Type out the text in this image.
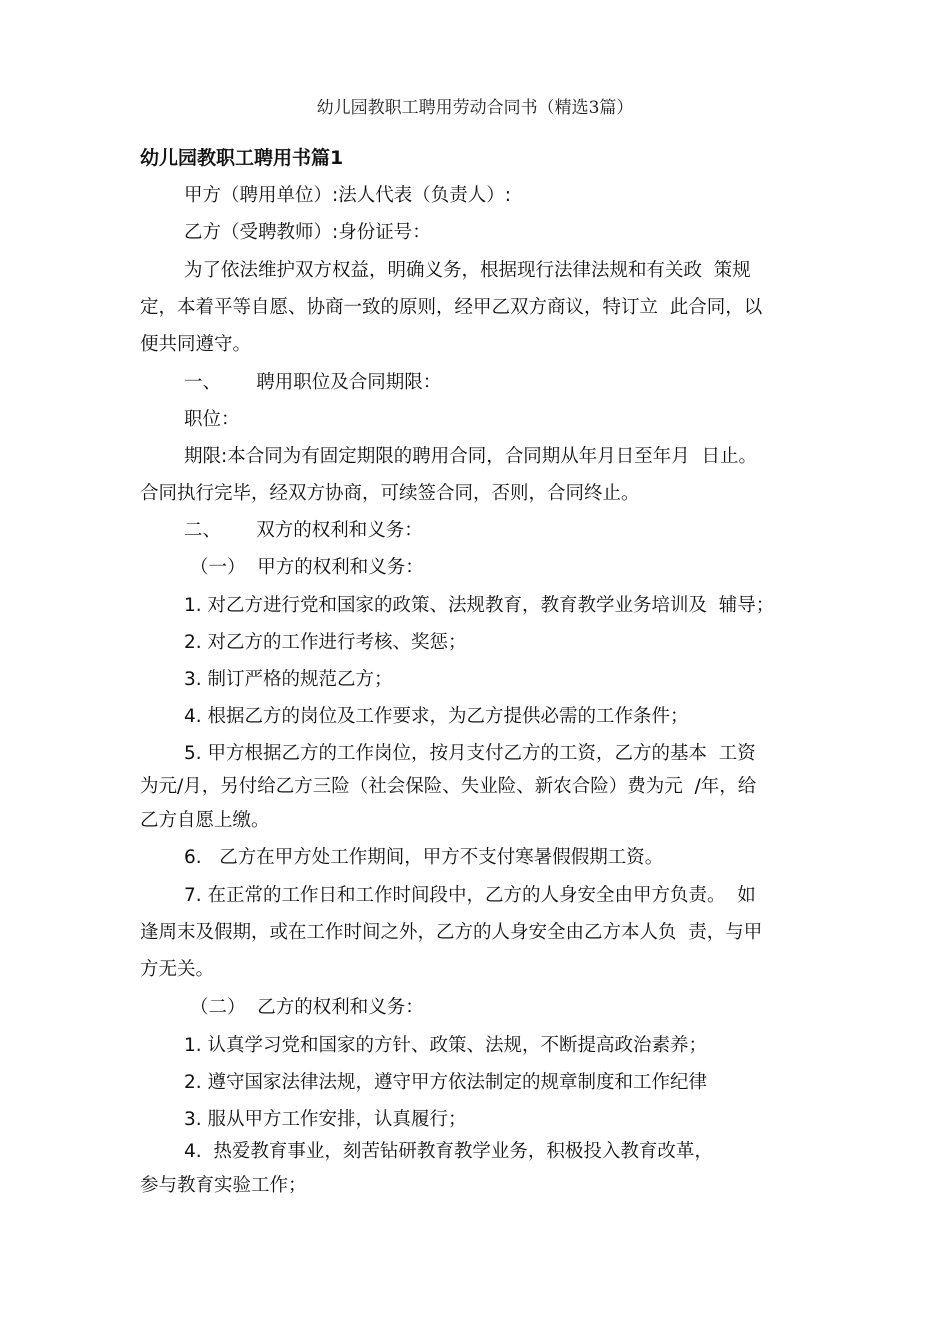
幼儿园教职工聘用劳动合同书（精选3篇）

幼儿园教职工聘用书篇1

甲方（聘用单位）:法人代表（负责人）:

乙方（受聘教师）:身份证号：

为了依法维护双方权益，明确义务，根据现行法律法规和有关政  策规

定，本着平等自愿、协商一致的原则，经甲乙双方商议，特订立  此合同，以

便共同遵守。

一、      聘用职位及合同期限：

职位：

期限:本合同为有固定期限的聘用合同，合同期从年月日至年月  日止。

合同执行完毕，经双方协商，可续签合同，否则，合同终止。

二、      双方的权利和义务：

（一）  甲方的权利和义务：

1. 对乙方进行党和国家的政策、法规教育，教育教学业务培训及  辅导；

2. 对乙方的工作进行考核、奖惩；

3. 制订严格的规范乙方；

4. 根据乙方的岗位及工作要求，为乙方提供必需的工作条件；

5. 甲方根据乙方的工作岗位，按月支付乙方的工资，乙方的基本  工资

为元/月，另付给乙方三险（社会保险、失业险、新农合险）费为元  /年，给

乙方自愿上缴。

6.   乙方在甲方处工作期间，甲方不支付寒暑假假期工资。

7. 在正常的工作日和工作时间段中，乙方的人身安全由甲方负责。  如

逢周末及假期，或在工作时间之外，乙方的人身安全由乙方本人负  责，与甲

方无关。

（二）  乙方的权利和义务：

1. 认真学习党和国家的方针、政策、法规，不断提高政治素养；

2. 遵守国家法律法规，遵守甲方依法制定的规章制度和工作纪律

3. 服从甲方工作安排，认真履行；

4.  热爱教育事业，刻苦钻研教育教学业务，积极投入教育改革，

参与教育实验工作；
